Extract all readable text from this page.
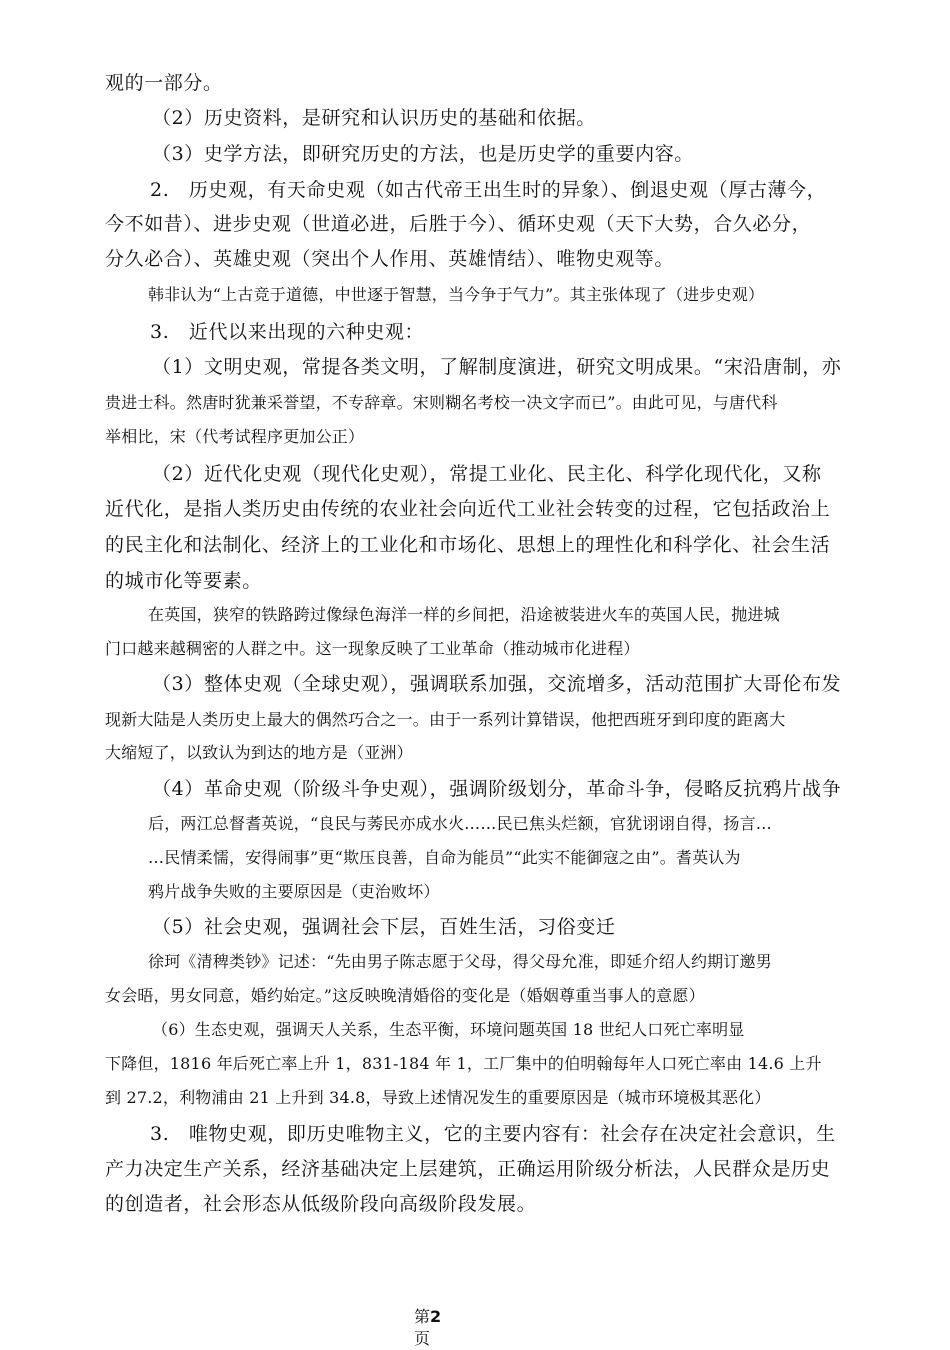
观的一部分。
（2）历史资料，是研究和认识历史的基础和依据。
（3）史学方法，即研究历史的方法，也是历史学的重要内容。
2.　历史观，有天命史观（如古代帝王出生时的异象）、倒退史观（厚古薄今，
今不如昔）、进步史观（世道必进，后胜于今）、循环史观（天下大势，合久必分，
分久必合）、英雄史观（突出个人作用、英雄情结）、唯物史观等。
韩非认为“上古竞于道德，中世逐于智慧，当今争于气力”。其主张体现了（进步史观）
3.　近代以来出现的六种史观：
（1）文明史观，常提各类文明，了解制度演进，研究文明成果。“宋沿唐制，亦
贵进士科。然唐时犹兼采誉望，不专辞章。宋则糊名考校一决文字而已”。由此可见，与唐代科
举相比，宋（代考试程序更加公正）
（2）近代化史观（现代化史观），常提工业化、民主化、科学化现代化，又称
近代化，是指人类历史由传统的农业社会向近代工业社会转变的过程，它包括政治上
的民主化和法制化、经济上的工业化和市场化、思想上的理性化和科学化、社会生活
的城市化等要素。
在英国，狭窄的铁路跨过像绿色海洋一样的乡间把，沿途被装进火车的英国人民，抛进城
门口越来越稠密的人群之中。这一现象反映了工业革命（推动城市化进程）
（3）整体史观（全球史观），强调联系加强，交流增多，活动范围扩大哥伦布发
现新大陆是人类历史上最大的偶然巧合之一。由于一系列计算错误，他把西班牙到印度的距离大
大缩短了，以致认为到达的地方是（亚洲）
（4）革命史观（阶级斗争史观），强调阶级划分，革命斗争，侵略反抗鸦片战争
后，两江总督耆英说，“良民与莠民亦成水火……民已焦头烂额，官犹诩诩自得，扬言…
…民情柔懦，安得闹事”更“欺压良善，自命为能员”“此实不能御寇之由”。耆英认为
鸦片战争失败的主要原因是（吏治败坏）
（5）社会史观，强调社会下层，百姓生活，习俗变迁
徐珂《清稗类钞》记述：“先由男子陈志愿于父母，得父母允准，即延介绍人约期订邀男
女会晤，男女同意，婚约始定。”这反映晚清婚俗的变化是（婚姻尊重当事人的意愿）
（6）生态史观，强调天人关系，生态平衡，环境问题英国 18 世纪人口死亡率明显
下降但，1816 年后死亡率上升 1，831-184 年 1，工厂集中的伯明翰每年人口死亡率由 14.6 上升
到 27.2，利物浦由 21 上升到 34.8，导致上述情况发生的重要原因是（城市环境极其恶化）
3.　唯物史观，即历史唯物主义，它的主要内容有：社会存在决定社会意识，生
产力决定生产关系，经济基础决定上层建筑，正确运用阶级分析法，人民群众是历史
的创造者，社会形态从低级阶段向高级阶段发展。
第2
页
